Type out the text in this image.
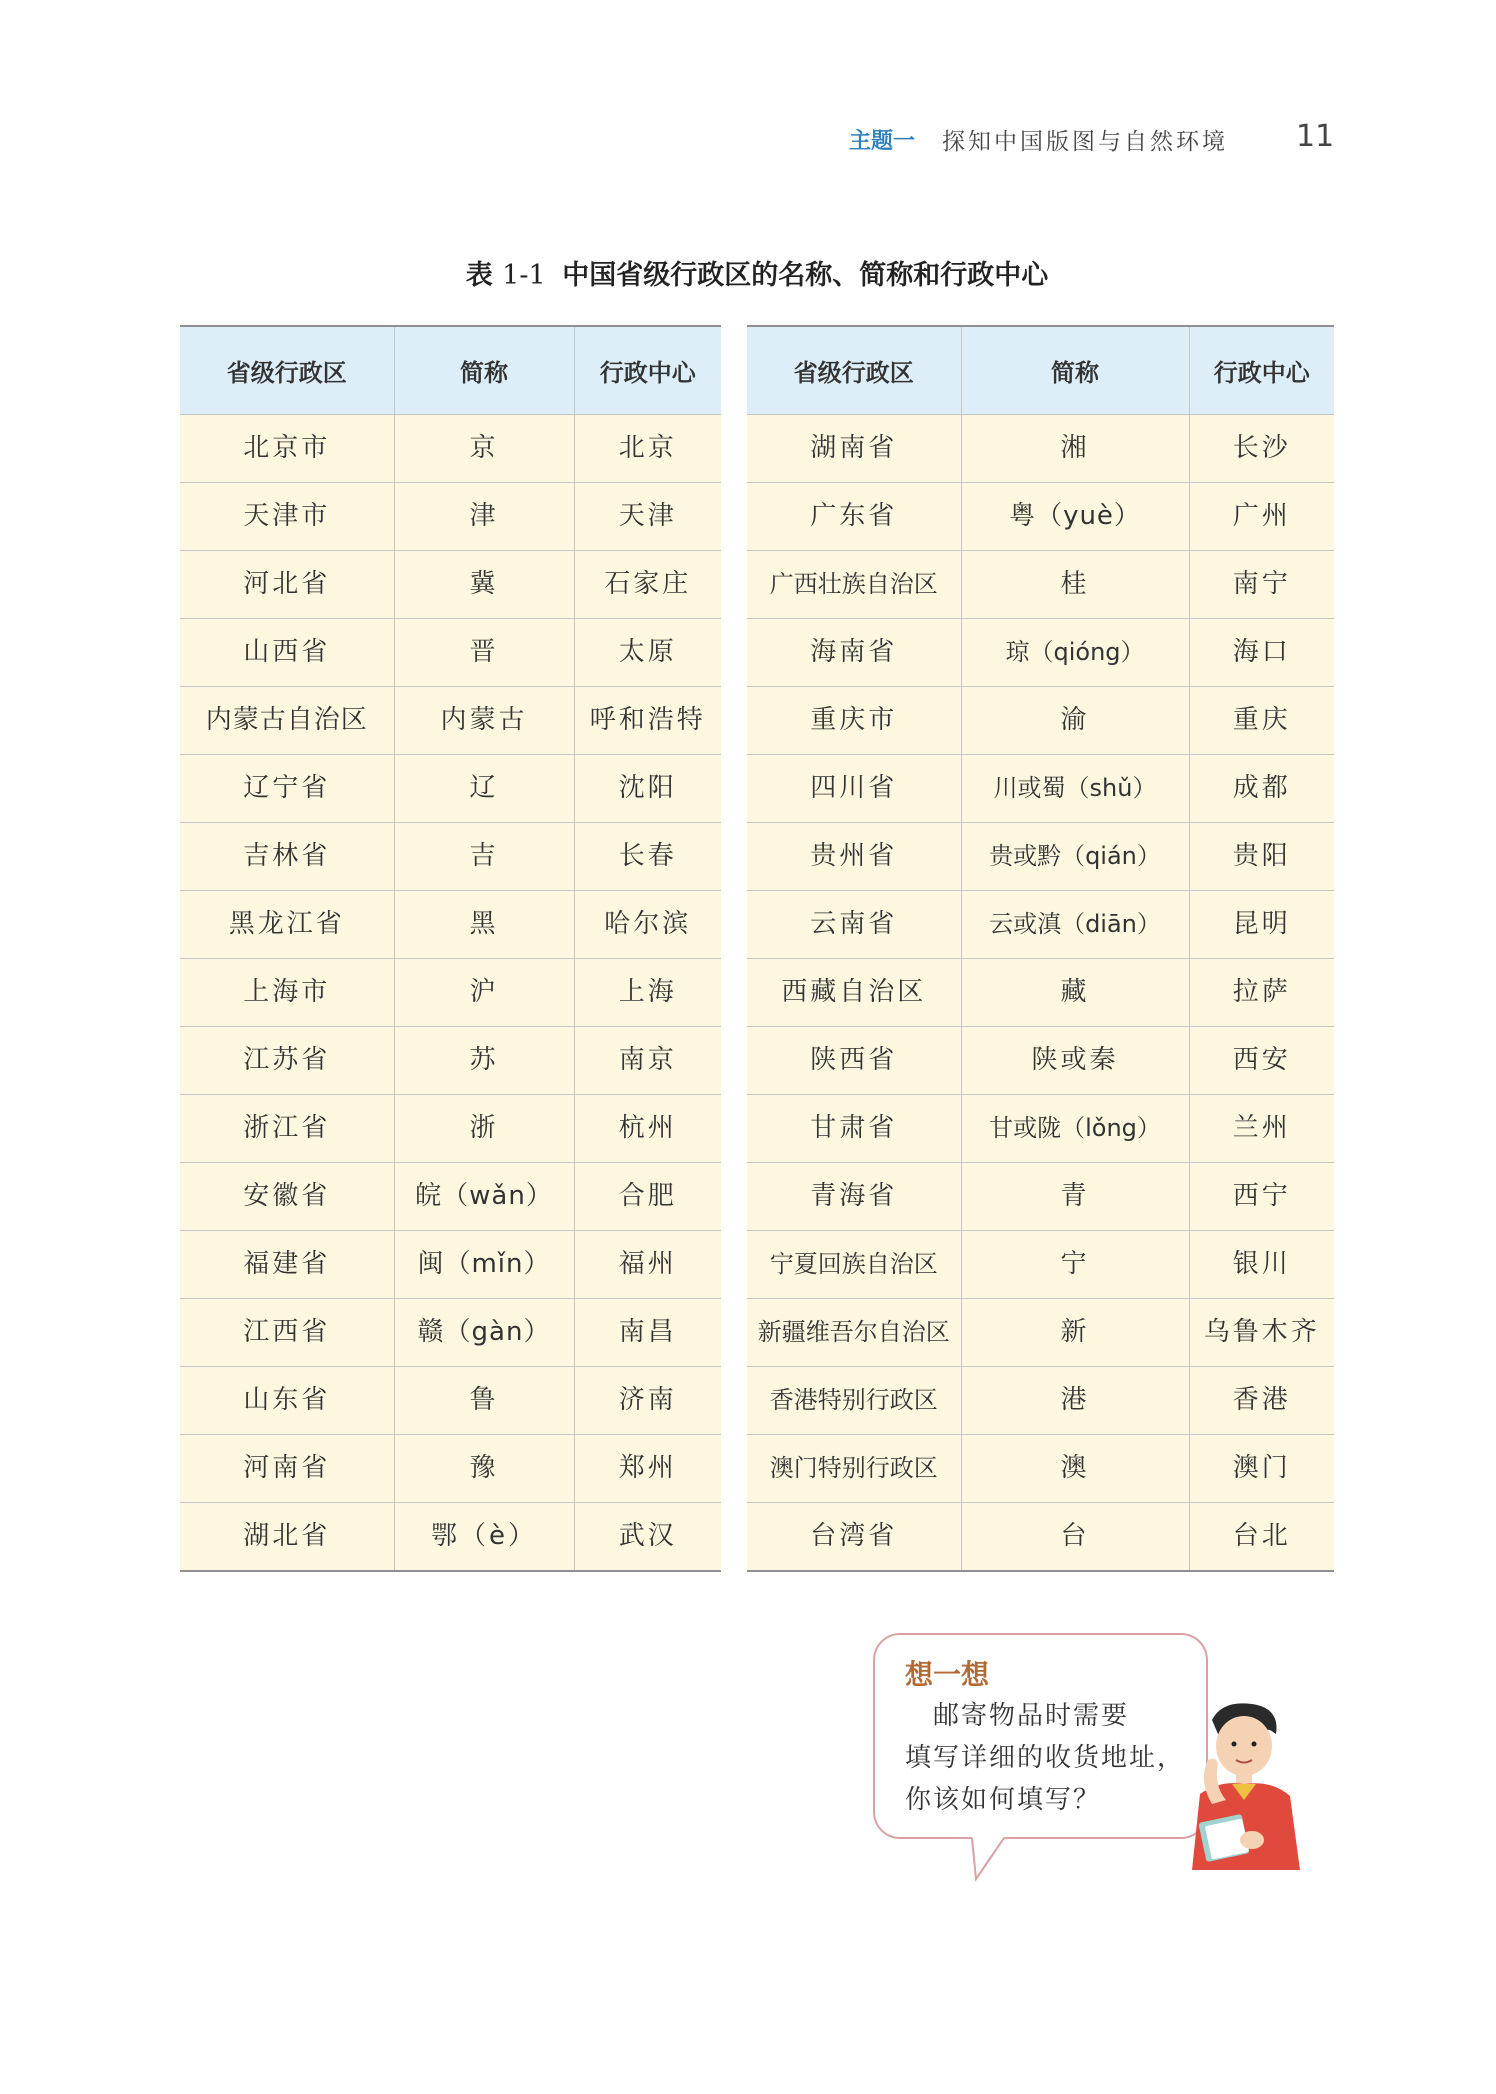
主题一 探知中国版图与自然环境 11
表 1-1 中国省级行政区的名称、简称和行政中心
省级行政区	简称	行政中心
北京市	京	北京
天津市	津	天津
河北省	冀	石家庄
山西省	晋	太原
内蒙古自治区	内蒙古	呼和浩特
辽宁省	辽	沈阳
吉林省	吉	长春
黑龙江省	黑	哈尔滨
上海市	沪	上海
江苏省	苏	南京
浙江省	浙	杭州
安徽省	皖（wǎn）	合肥
福建省	闽（mǐn）	福州
江西省	赣（gàn）	南昌
山东省	鲁	济南
河南省	豫	郑州
湖北省	鄂（è）	武汉
省级行政区	简称	行政中心
湖南省	湘	长沙
广东省	粤（yuè）	广州
广西壮族自治区	桂	南宁
海南省	琼（qióng）	海口
重庆市	渝	重庆
四川省	川或蜀（shǔ）	成都
贵州省	贵或黔（qián）	贵阳
云南省	云或滇（diān）	昆明
西藏自治区	藏	拉萨
陕西省	陕或秦	西安
甘肃省	甘或陇（lǒng）	兰州
青海省	青	西宁
宁夏回族自治区	宁	银川
新疆维吾尔自治区	新	乌鲁木齐
香港特别行政区	港	香港
澳门特别行政区	澳	澳门
台湾省	台	台北
想一想
　邮寄物品时需要
填写详细的收货地址，
你该如何填写？
